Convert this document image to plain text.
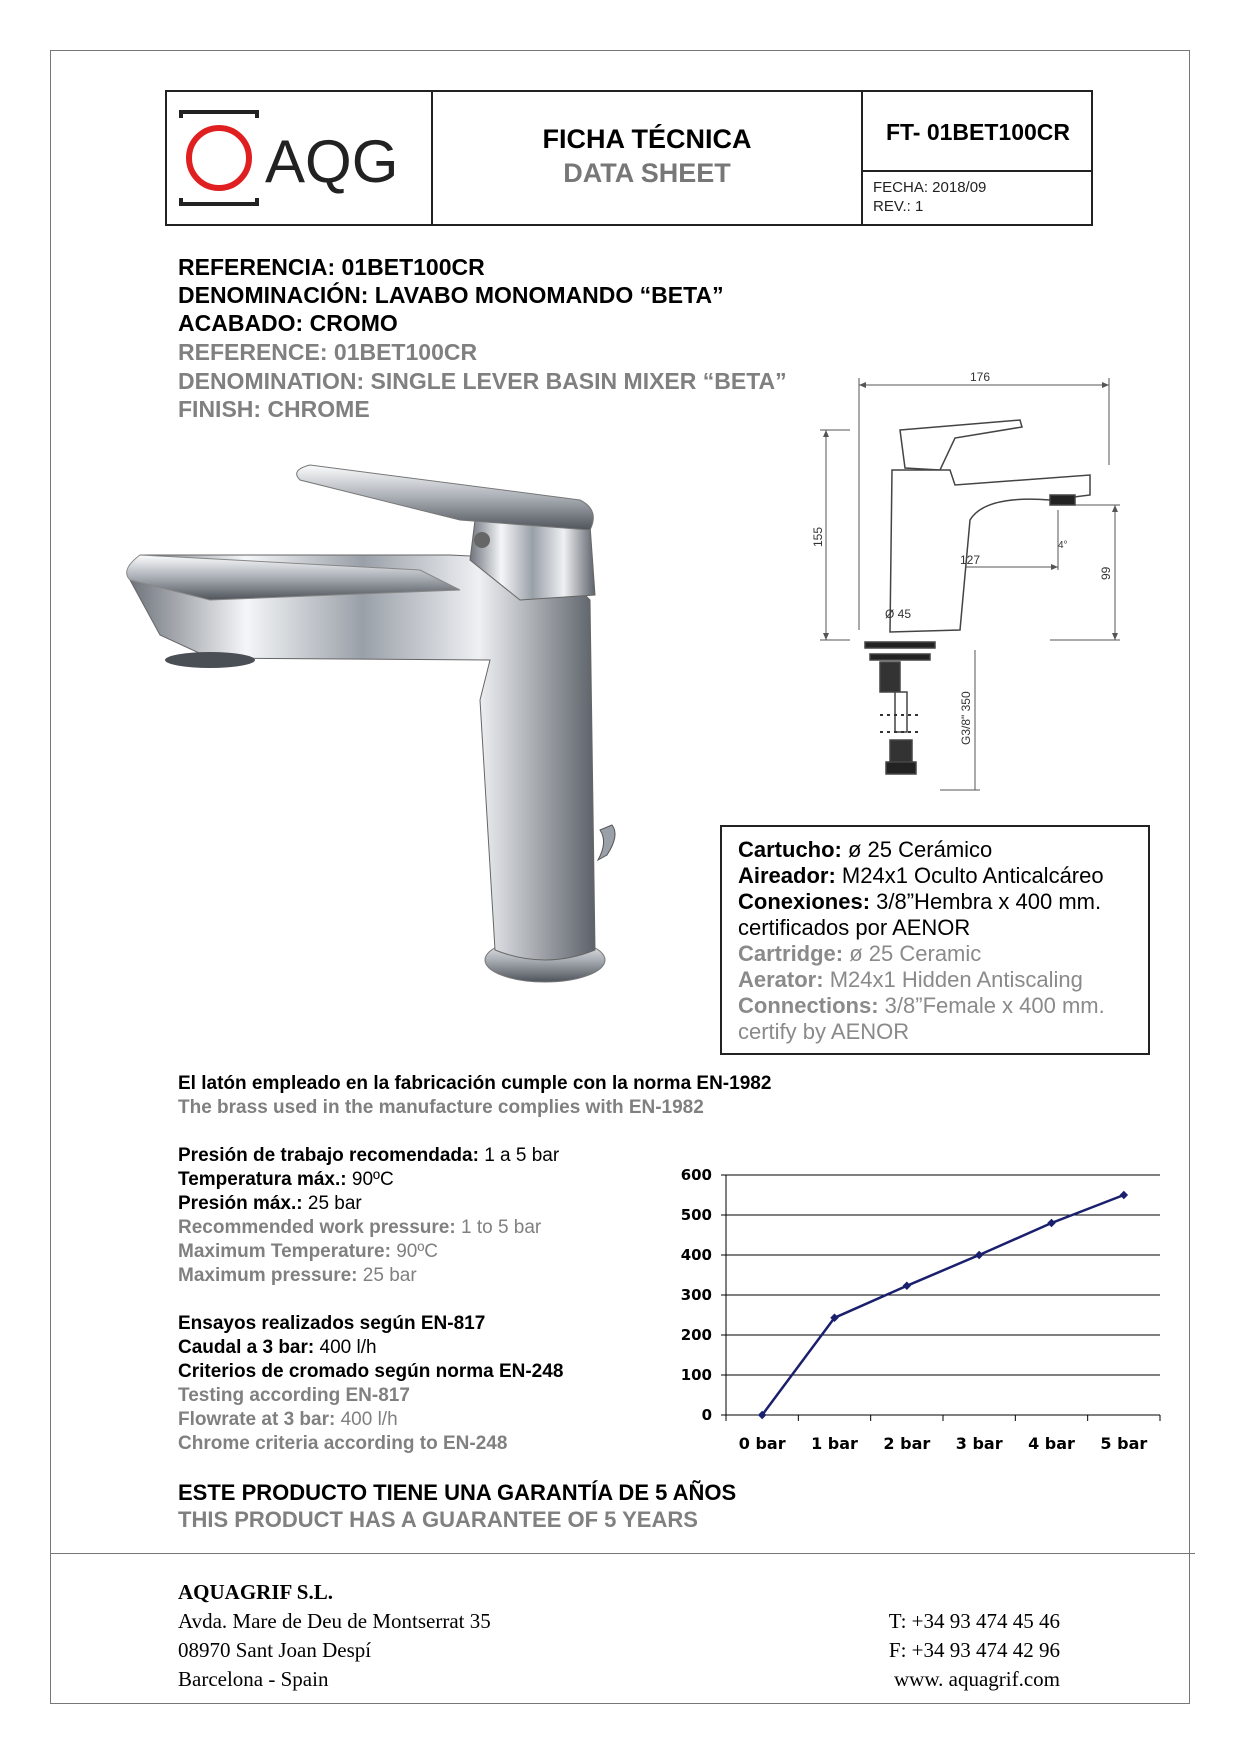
AQG	FICHA TÉCNICA
DATA SHEET
FT- 01BET100CR
FECHA: 2018/09
REV.: 1
REFERENCIA: 01BET100CR
DENOMINACIÓN: LAVABO MONOMANDO “BETA”
ACABADO: CROMO
REFERENCE: 01BET100CR
DENOMINATION: SINGLE LEVER BASIN MIXER “BETA”
FINISH: CHROME
176
155
127
99
4°
Ø 45
G3/8" 350
Cartucho: ø 25 Cerámico
Aireador: M24x1 Oculto Anticalcáreo
Conexiones: 3/8”Hembra x 400 mm.
certificados por AENOR
Cartridge: ø 25 Ceramic
Aerator: M24x1 Hidden Antiscaling
Connections: 3/8”Female x 400 mm.
certify by AENOR
El latón empleado en la fabricación cumple con la norma EN-1982
The brass used in the manufacture complies with EN-1982
Presión de trabajo recomendada: 1 a 5 bar
Temperatura máx.: 90ºC
Presión máx.: 25 bar
Recommended work pressure: 1 to 5 bar
Maximum Temperature: 90ºC
Maximum pressure: 25 bar
Ensayos realizados según EN-817
Caudal a 3 bar: 400 l/h
Criterios de cromado según norma EN-248
Testing according EN-817
Flowrate at 3 bar: 400 l/h
Chrome criteria according to EN-248
0
100
200
300
400
500
600
0 bar 1 bar 2 bar 3 bar 4 bar 5 bar
ESTE PRODUCTO TIENE UNA GARANTÍA DE 5 AÑOS
THIS PRODUCT HAS A GUARANTEE OF 5 YEARS
AQUAGRIF S.L.
Avda. Mare de Deu de Montserrat 35
08970 Sant Joan Despí
Barcelona - Spain
T: +34 93 474 45 46
F: +34 93 474 42 96
www. aquagrif.com
